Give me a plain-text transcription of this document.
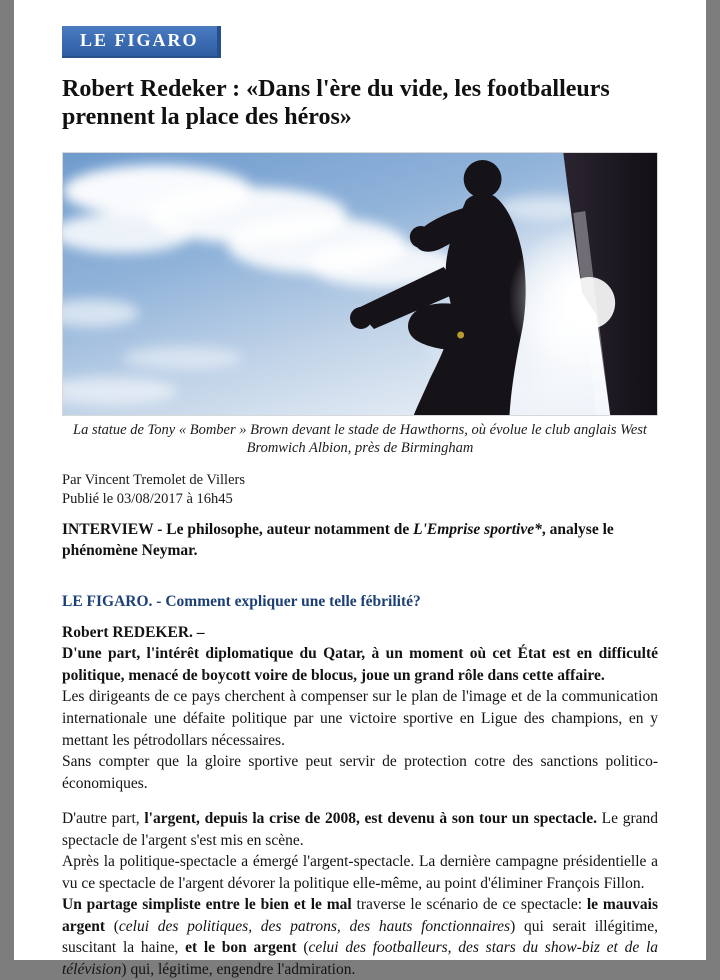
LE FIGARO
Robert Redeker : «Dans l'ère du vide, les footballeurs prennent la place des héros»
La statue de Tony « Bomber » Brown devant le stade de Hawthorns, où évolue le club anglais West Bromwich Albion, près de Birmingham
Par Vincent Tremolet de Villers
Publié le 03/08/2017 à 16h45

INTERVIEW - Le philosophe, auteur notamment de L'Emprise sportive*, analyse le phénomène Neymar.

LE FIGARO. - Comment expliquer une telle fébrilité?

Robert REDEKER. –
D'une part, l'intérêt diplomatique du Qatar, à un moment où cet État est en difficulté politique, menacé de boycott voire de blocus, joue un grand rôle dans cette affaire.
Les dirigeants de ce pays cherchent à compenser sur le plan de l'image et de la communication internationale une défaite politique par une victoire sportive en Ligue des champions, en y mettant les pétrodollars nécessaires.
Sans compter que la gloire sportive peut servir de protection cotre des sanctions politico-économiques.
D'autre part, l'argent, depuis la crise de 2008, est devenu à son tour un spectacle. Le grand spectacle de l'argent s'est mis en scène.
Après la politique-spectacle a émergé l'argent-spectacle. La dernière campagne présidentielle a vu ce spectacle de l'argent dévorer la politique elle-même, au point d'éliminer François Fillon.
Un partage simpliste entre le bien et le mal traverse le scénario de ce spectacle: le mauvais argent (celui des politiques, des patrons, des hauts fonctionnaires) qui serait illégitime, suscitant la haine, et le bon argent (celui des footballeurs, des stars du show-biz et de la télévision) qui, légitime, engendre l'admiration.
